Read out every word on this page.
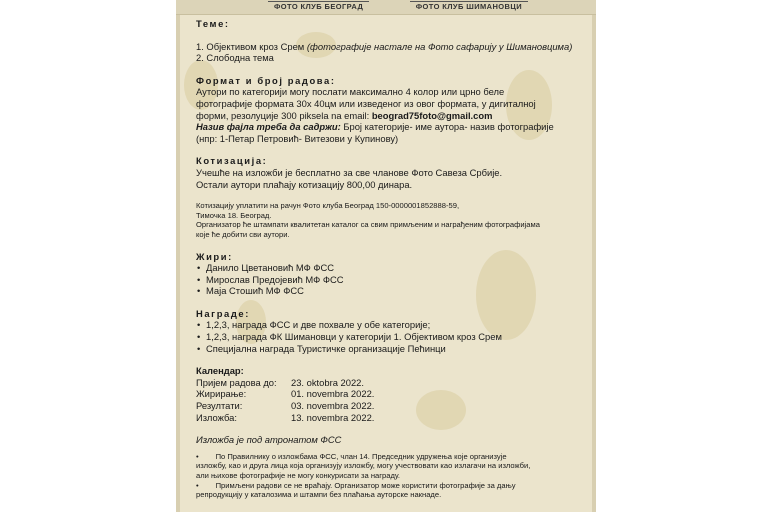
ФОТО КЛУБ БЕОГРАД	ФОТО КЛУБ ШИМАНОВЦИ

Теме:

1. Објективом кроз Срем (фотографије настале на Фото сафарију у Шимановцима)

2. Слободна тема

Формат и број радова:

Аутори по категорији могу послати максимално 4 колор или црно беле

фотографије формата 30x 40цм или изведеног из овог формата, у дигиталној

форми, резолуције 300 piksela na email: beograd75foto@gmail.com

Назив фајла треба да садржи: Број категорије- име аутора- назив фотографије

(нпр: 1-Петар Петровић- Витезови у Купинову)

Котизација:

Учешће на изложби је бесплатно за све чланове Фото Савеза Србије.

Остали аутори плаћају котизацију 800,00 динара.

Котизацију уплатити на рачун Фото клуба Београд 150-0000001852888-59,

Тимочка 18. Београд.

Организатор ће штампати квалитетан каталог са свим примљеним и награђеним фотографијама

које ће добити сви аутори.

Жири:

• Данило Цветановић МФ ФСС
• Мирослав Предојевић МФ ФСС
• Маја Стошић МФ ФСС

Награде:

• 1,2,3, награда ФСС и две похвале у обе категорије;
• 1,2,3, награда ФК Шимановци у категорији 1. Објективом кроз Срем
• Специјална награда Туристичке организације Пећинци

Календар:

Пријем радова до:	23. oktobra 2022.
Жирирање:	01. novembra 2022.
Резултати:	03. novembra 2022.
Изложба:	13. novembra 2022.

Изложба је под атронатом ФСС

• По Правилнику о изложбама ФСС, члан 14. Председник удружења које организује

изложбу, као и друга лица која организују изложбу, могу учествовати као излагачи на изложби,

али њихове фотографије не могу конкурисати за награду.

• Примљени радови се не враћају. Организатор може користити фотографије за дању

репродукцију у каталозима и штампи без плаћања ауторске накнаде.
